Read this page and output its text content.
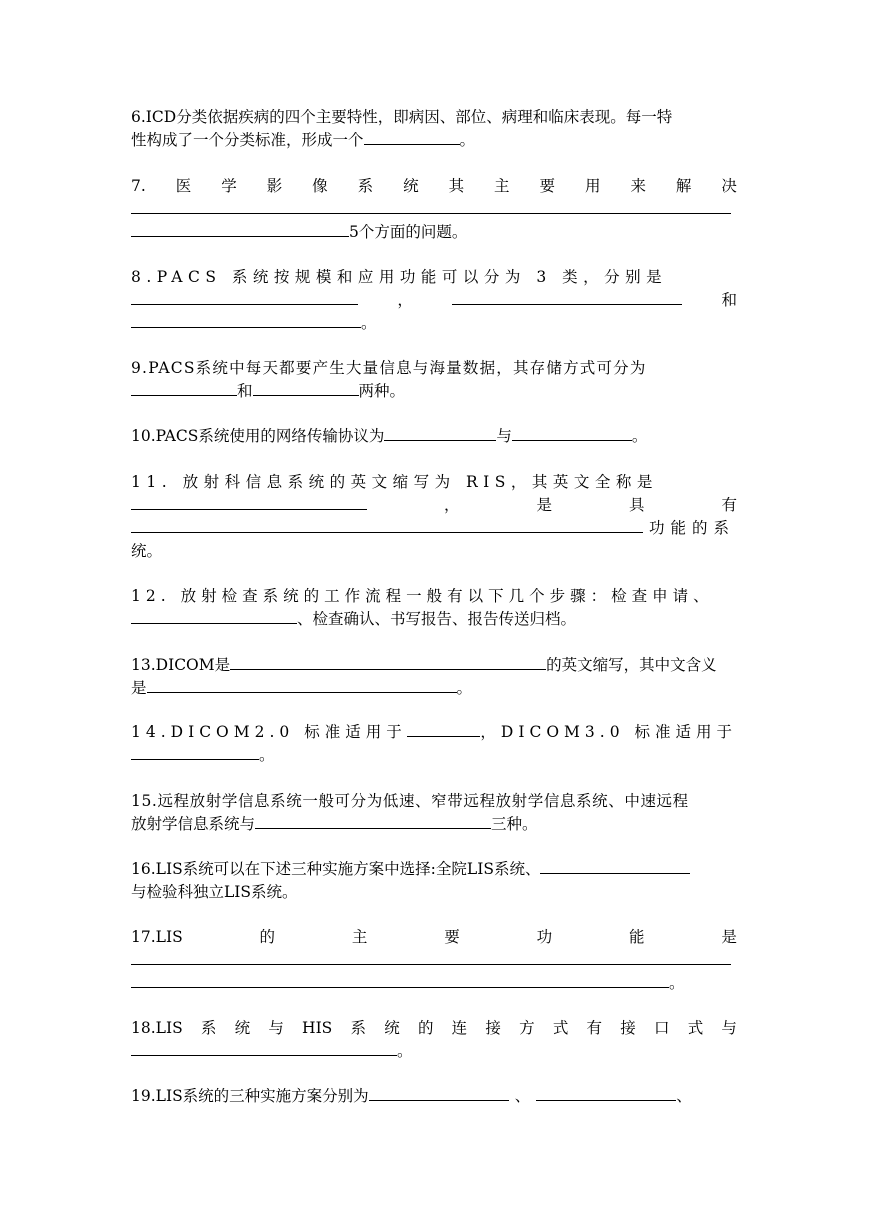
6.ICD分类依据疾病的四个主要特性，即病因、部位、病理和临床表现。每一特
性构成了一个分类标准，形成一个	。
7. 医 学 影 像 系 统 其 主 要 用 来 解 决
5个方面的问题。
8.PACS 系统按规模和应用功能可以分为 3 类，分别是
，	和
。
9.PACS系统中每天都要产生大量信息与海量数据，其存储方式可分为
和	两种。
10.PACS系统使用的网络传输协议为	与	。
11. 放射科信息系统的英文缩写为 RIS，其英文全称是
，	是	具	有
功能的系
统。
12. 放射检查系统的工作流程一般有以下几个步骤：检查申请、
、检查确认、书写报告、报告传送归档。
13.DICOM是	的英文缩写，其中文含义
是	。
14.DICOM2.0 标准适用于	，DICOM3.0 标准适用于
。
15.远程放射学信息系统一般可分为低速、窄带远程放射学信息系统、中速远程
放射学信息系统与	三种。
16.LIS系统可以在下述三种实施方案中选择:全院LIS系统、
与检验科独立LIS系统。
17.LIS	的	主	要	功	能	是
。
18.LIS 系 统 与 HIS 系 统 的 连 接 方 式 有 接 口 式 与
。
19.LIS系统的三种实施方案分别为	、	、
